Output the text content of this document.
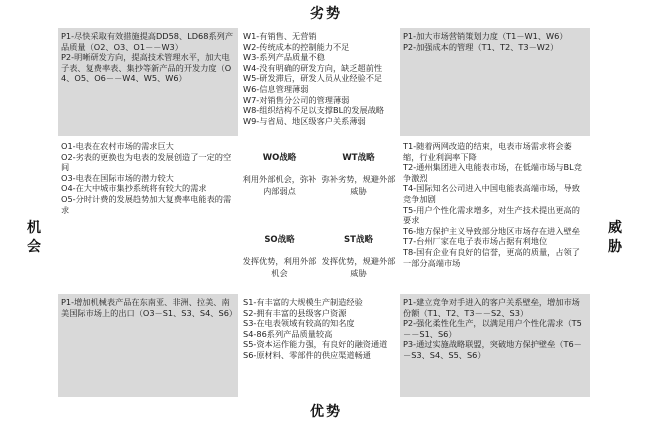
劣势
优势
机会
威胁

P1-尽快采取有效措施提高DD58、LD68系列产品质量（O2、O3、O1－－W3）
P2-明晰研发方向，提高技术管理水平，加大电子表、复费率表、集抄等新产品的开发力度（O4、O5、O6－－W4、W5、W6）

W1-有销售、无营销
W2-传统成本的控制能力不足
W3-系列产品质量不稳
W4-没有明确的研发方向，缺乏超前性
W5-研发滞后，研发人员从业经验不足
W6-信息管理薄弱
W7-对销售分公司的管理薄弱
W8-组织结构不足以支撑BL的发展战略
W9-与省局、地区级客户关系薄弱

P1-加大市场营销策划力度（T1－W1、W6）
P2-加强成本的管理（T1、T2、T3－W2）

O1-电表在农村市场的需求巨大
O2-劣表的更换也为电表的发展创造了一定的空间
O3-电表在国际市场的潜力较大
O4-在大中城市集抄系统将有较大的需求
O5-分时计费的发展趋势加大复费率电能表的需求

WO战略
利用外部机会，弥补内部弱点
WT战略
弥补劣势，规避外部威胁
SO战略
发挥优势，利用外部机会
ST战略
发挥优势，规避外部威胁

T1-随着两网改造的结束，电表市场需求将会萎缩，行业利润率下降
T2-通州集团进入电能表市场，在低端市场与BL竞争激烈
T4-国际知名公司进入中国电能表高端市场，导致竞争加剧
T5-用户个性化需求增多，对生产技术提出更高的要求
T6-地方保护主义导致部分地区市场存在进入壁垒
T7-台州厂家在电子表市场占据有利地位
T8-国有企业有良好的信誉，更高的质量，占领了一部分高端市场

P1-增加机械表产品在东南亚、非洲、拉美、南美国际市场上的出口（O3－S1、S3、S4、S6）

S1-有丰富的大规模生产制造经验
S2-拥有丰富的县级客户资源
S3-在电表领域有较高的知名度
S4-86系列产品质量较高
S5-资本运作能力强，有良好的融资通道
S6-原材料、零部件的供应渠道畅通

P1-建立竞争对手进入的客户关系壁垒，增加市场份额（T1、T2、T3－－S2、S3）
P2-强化柔性化生产，以满足用户个性化需求（T5－－S1、S6）
P3-通过实施战略联盟，突破地方保护壁垒（T6－－S3、S4、S5、S6）
